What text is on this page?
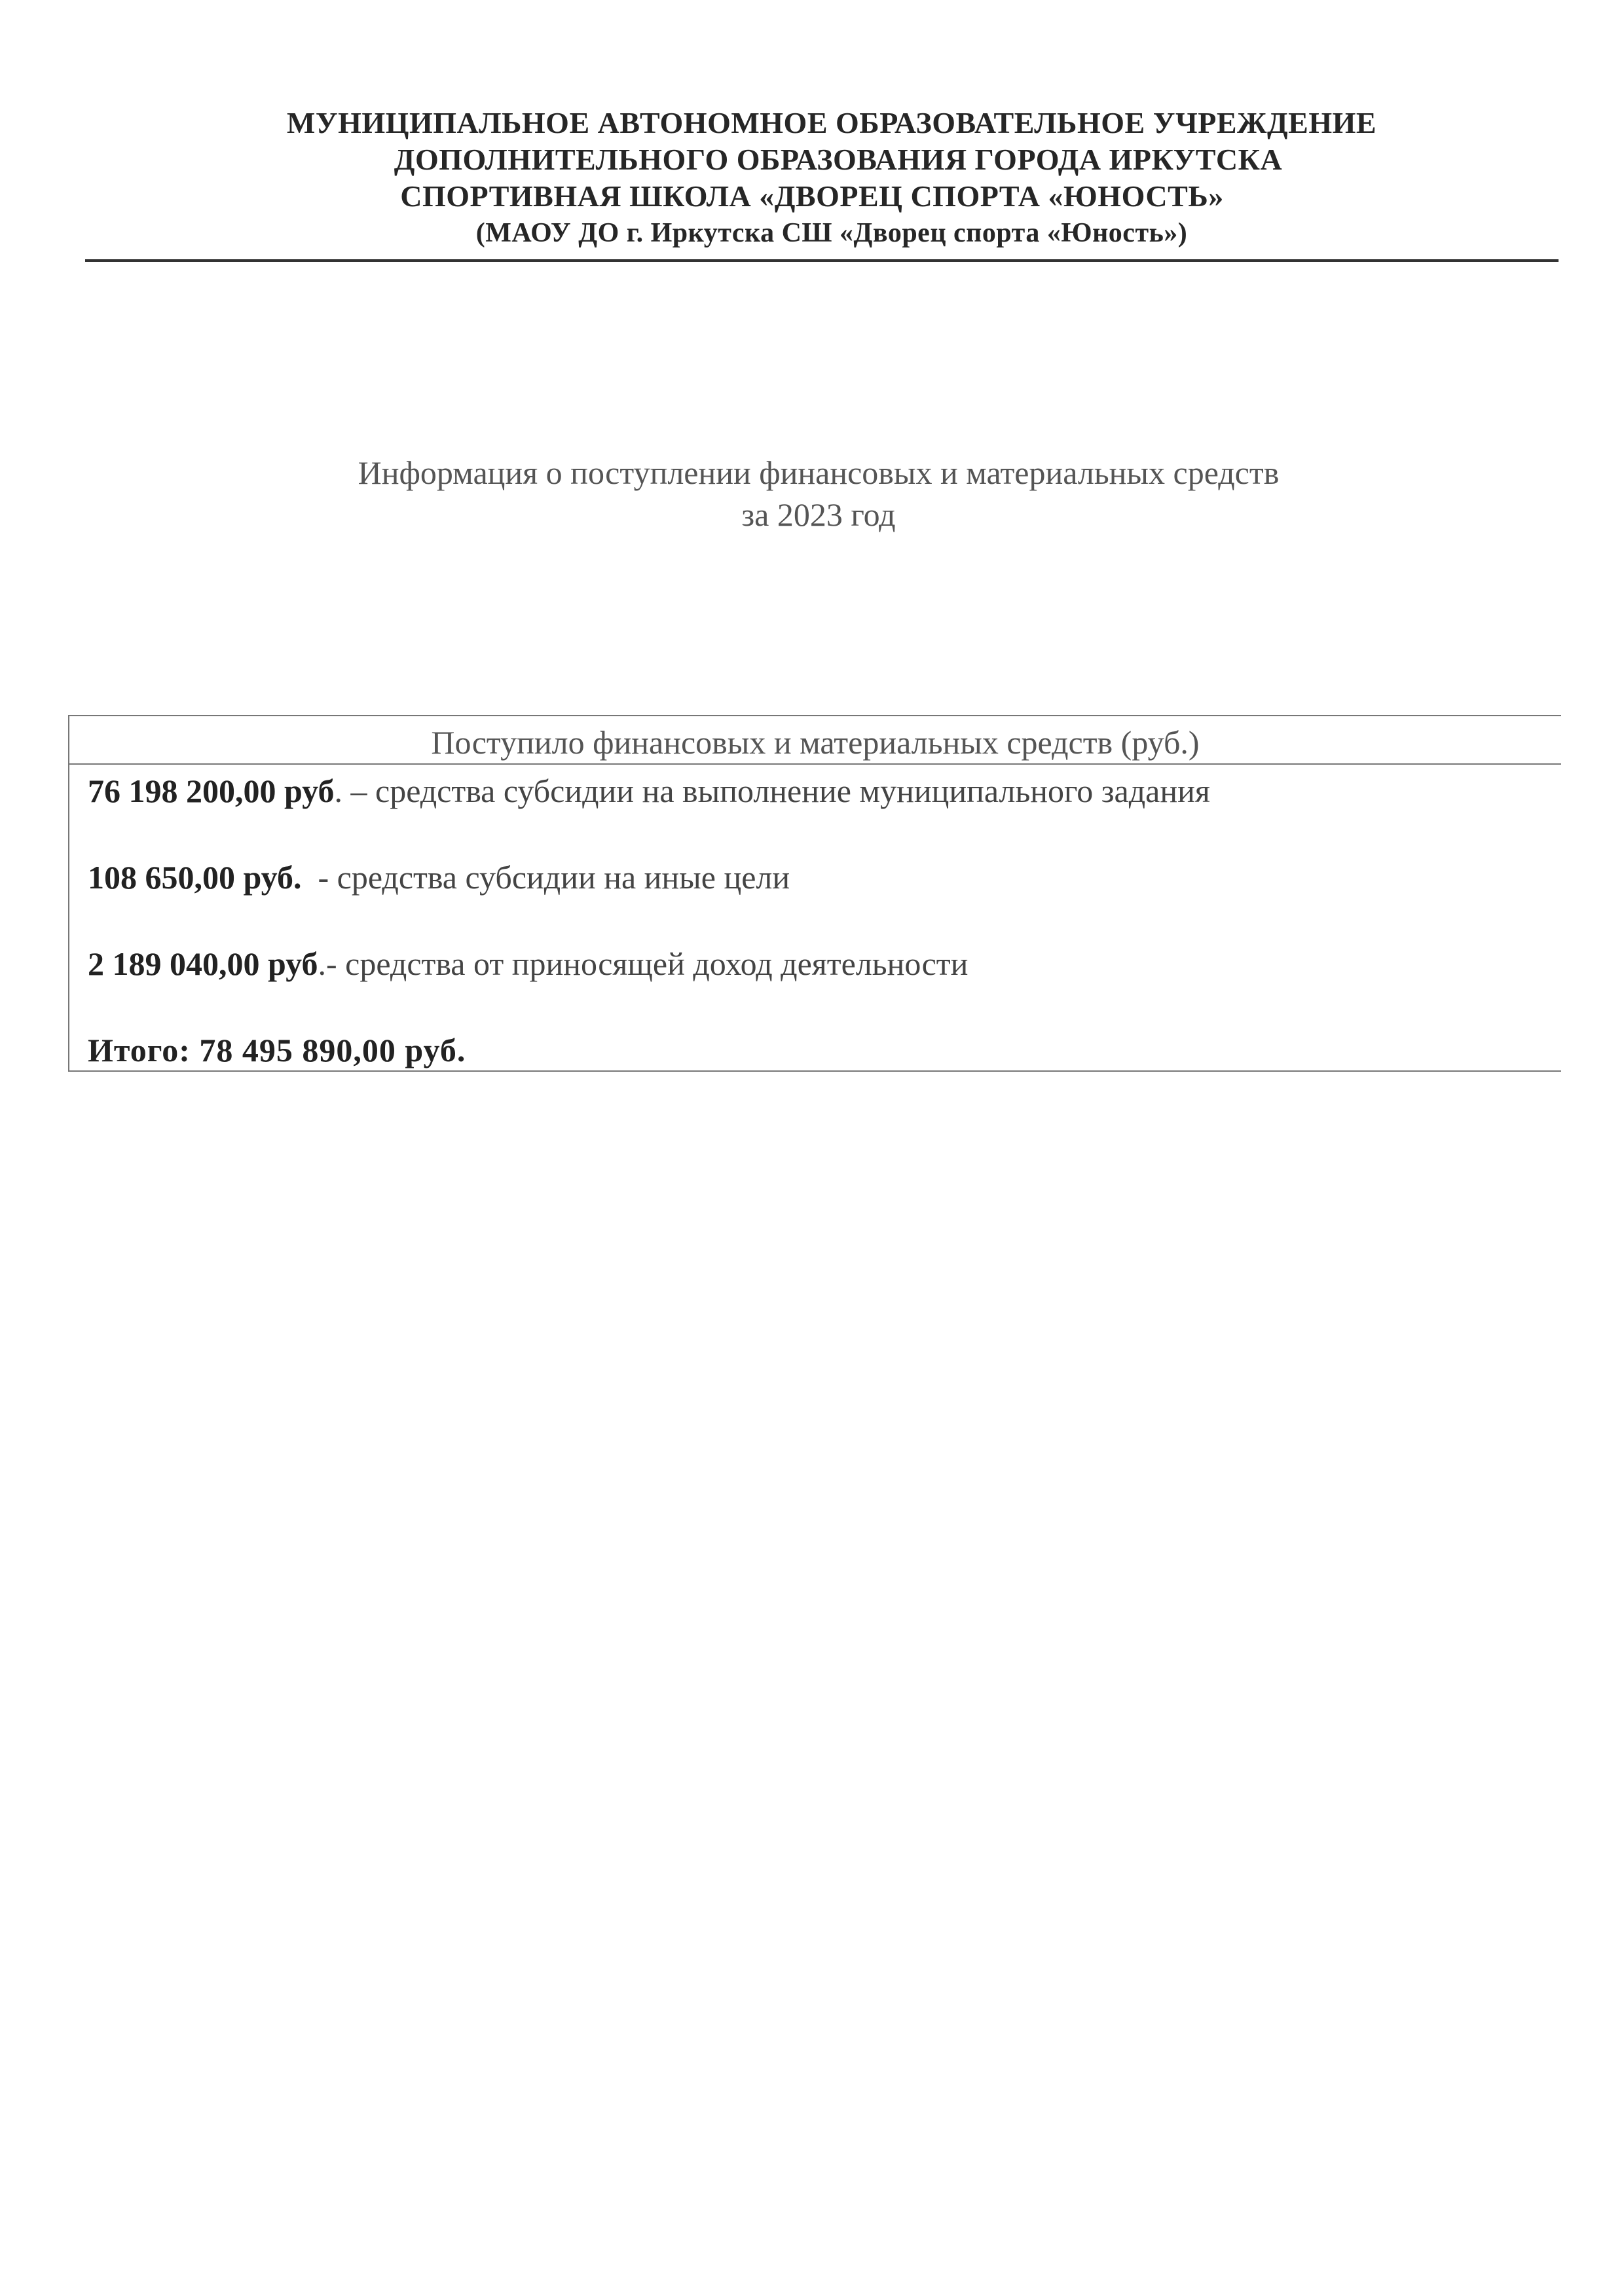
МУНИЦИПАЛЬНОЕ АВТОНОМНОЕ ОБРАЗОВАТЕЛЬНОЕ УЧРЕЖДЕНИЕ
ДОПОЛНИТЕЛЬНОГО ОБРАЗОВАНИЯ ГОРОДА ИРКУТСКА
СПОРТИВНАЯ ШКОЛА «ДВОРЕЦ СПОРТА «ЮНОСТЬ»
(МАОУ ДО г. Иркутска СШ «Дворец спорта «Юность»)
Информация о поступлении финансовых и материальных средств
за 2023 год
Поступило финансовых и материальных средств (руб.)
76 198 200,00 руб. – средства субсидии на выполнение муниципального задания
108 650,00 руб.  - средства субсидии на иные цели
2 189 040,00 руб.- средства от приносящей доход деятельности
Итого: 78 495 890,00 руб.
